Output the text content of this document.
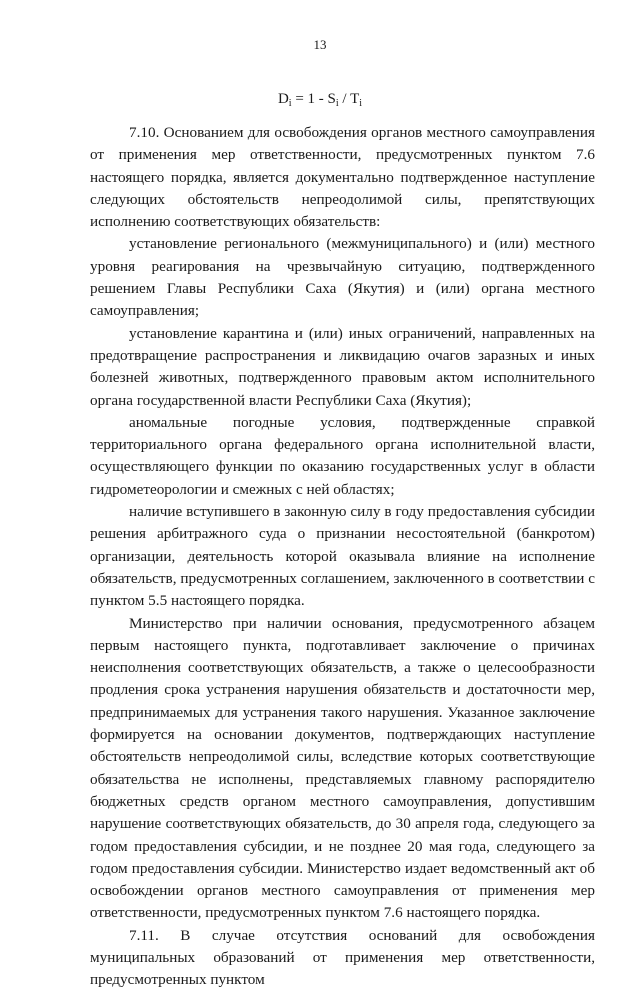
13
$D_i = 1 - S_i / T_i$

7.10. Основанием для освобождения органов местного самоуправления от применения мер ответственности, предусмотренных пунктом 7.6 настоящего порядка, является документально подтвержденное наступление следующих обстоятельств непреодолимой силы, препятствующих исполнению соответствующих обязательств:

установление регионального (межмуниципального) и (или) местного уровня реагирования на чрезвычайную ситуацию, подтвержденного решением Главы Республики Саха (Якутия) и (или) органа местного самоуправления;

установление карантина и (или) иных ограничений, направленных на предотвращение распространения и ликвидацию очагов заразных и иных болезней животных, подтвержденного правовым актом исполнительного органа государственной власти Республики Саха (Якутия);

аномальные погодные условия, подтвержденные справкой территориального органа федерального органа исполнительной власти, осуществляющего функции по оказанию государственных услуг в области гидрометеорологии и смежных с ней областях;

наличие вступившего в законную силу в году предоставления субсидии решения арбитражного суда о признании несостоятельной (банкротом) организации, деятельность которой оказывала влияние на исполнение обязательств, предусмотренных соглашением, заключенного в соответствии с пунктом 5.5 настоящего порядка.

Министерство при наличии основания, предусмотренного абзацем первым настоящего пункта, подготавливает заключение о причинах неисполнения соответствующих обязательств, а также о целесообразности продления срока устранения нарушения обязательств и достаточности мер, предпринимаемых для устранения такого нарушения. Указанное заключение формируется на основании документов, подтверждающих наступление обстоятельств непреодолимой силы, вследствие которых соответствующие обязательства не исполнены, представляемых главному распорядителю бюджетных средств органом местного самоуправления, допустившим нарушение соответствующих обязательств, до 30 апреля года, следующего за годом предоставления субсидии, и не позднее 20 мая года, следующего за годом предоставления субсидии. Министерство издает ведомственный акт об освобождении органов местного самоуправления от применения мер ответственности, предусмотренных пунктом 7.6 настоящего порядка.

7.11. В случае отсутствия оснований для освобождения муниципальных образований от применения мер ответственности, предусмотренных пунктом
